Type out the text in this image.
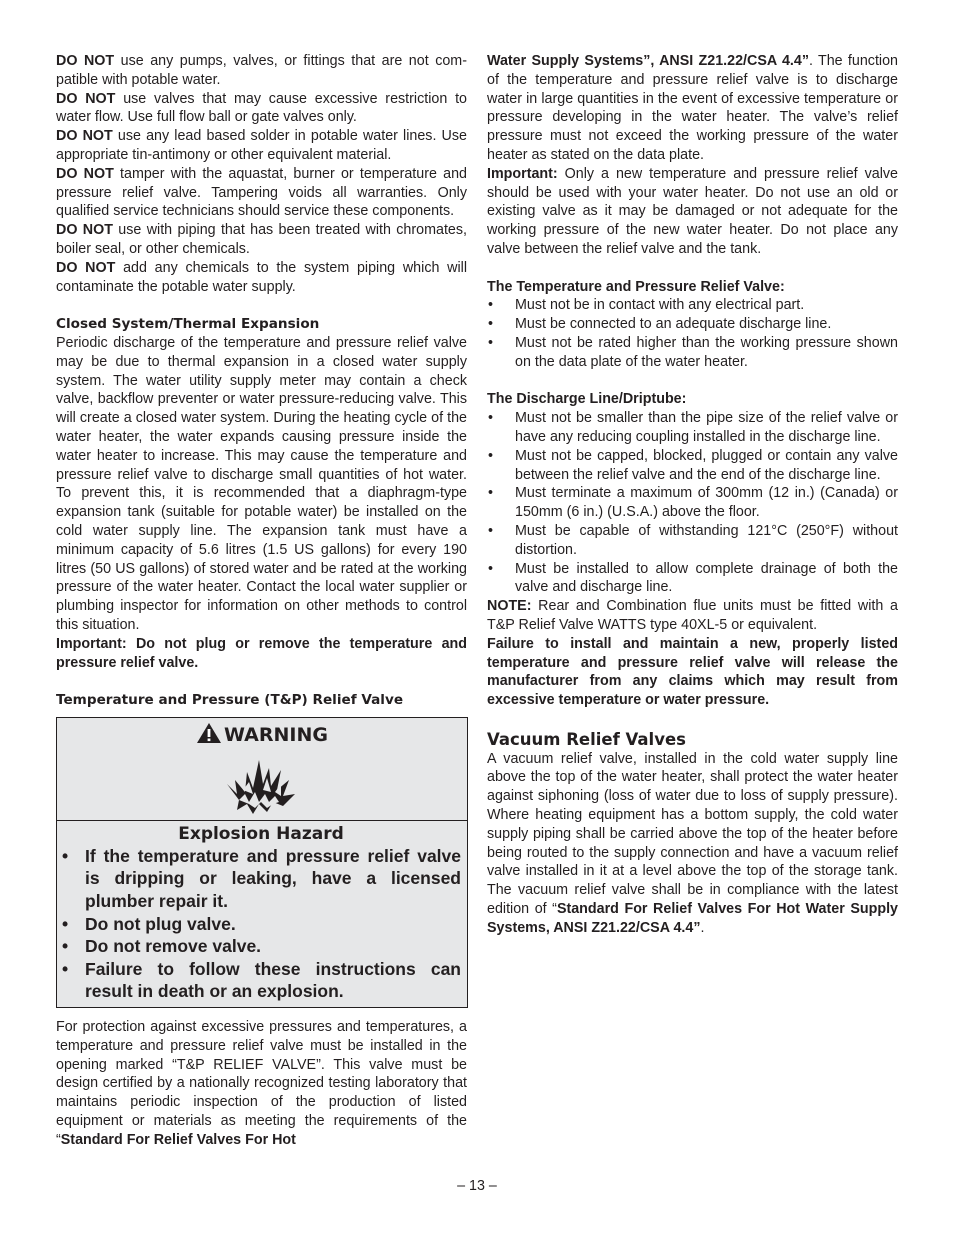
DO NOT use any pumps, valves, or fittings that are not compatible with potable water.

DO NOT use valves that may cause excessive restriction to water flow. Use full flow ball or gate valves only.

DO NOT use any lead based solder in potable water lines. Use appropriate tin-antimony or other equivalent material.

DO NOT tamper with the aquastat, burner or temperature and pressure relief valve. Tampering voids all warranties. Only qualified service technicians should service these components.

DO NOT use with piping that has been treated with chromates, boiler seal, or other chemicals.

DO NOT add any chemicals to the system piping which will contaminate the potable water supply.

Closed System/Thermal Expansion

Periodic discharge of the temperature and pressure relief valve may be due to thermal expansion in a closed water supply system. The water utility supply meter may contain a check valve, backflow preventer or water pressure-reducing valve. This will create a closed water system. During the heating cycle of the water heater, the water expands causing pressure inside the water heater to increase. This may cause the temperature and pressure relief valve to discharge small quantities of hot water. To prevent this, it is recommended that a diaphragm-type expansion tank (suitable for potable water) be installed on the cold water supply line. The expansion tank must have a minimum capacity of 5.6 litres (1.5 US gallons) for every 190 litres (50 US gallons) of stored water and be rated at the working pressure of the water heater. Contact the local water supplier or plumbing inspector for information on other methods to control this situation.

Important: Do not plug or remove the temperature and pressure relief valve.

Temperature and Pressure (T&P) Relief Valve

WARNING

Explosion Hazard

• If the temperature and pressure relief valve is dripping or leaking, have a licensed plumber repair it.
• Do not plug valve.
• Do not remove valve.
• Failure to follow these instructions can result in death or an explosion.

For protection against excessive pressures and temperatures, a temperature and pressure relief valve must be installed in the opening marked “T&P RELIEF VALVE”. This valve must be design certified by a nationally recognized testing laboratory that maintains periodic inspection of the production of listed equipment or materials as meeting the requirements of the “Standard For Relief Valves For Hot

Water Supply Systems”, ANSI Z21.22/CSA 4.4”. The function of the temperature and pressure relief valve is to discharge water in large quantities in the event of excessive temperature or pressure developing in the water heater. The valve’s relief pressure must not exceed the working pressure of the water heater as stated on the data plate.

Important: Only a new temperature and pressure relief valve should be used with your water heater. Do not use an old or existing valve as it may be damaged or not adequate for the working pressure of the new water heater. Do not place any valve between the relief valve and the tank.

The Temperature and Pressure Relief Valve:

• Must not be in contact with any electrical part.
• Must be connected to an adequate discharge line.
• Must not be rated higher than the working pressure shown on the data plate of the water heater.

The Discharge Line/Driptube:

• Must not be smaller than the pipe size of the relief valve or have any reducing coupling installed in the discharge line.
• Must not be capped, blocked, plugged or contain any valve between the relief valve and the end of the discharge line.
• Must terminate a maximum of 300mm (12 in.) (Canada) or 150mm (6 in.) (U.S.A.) above the floor.
• Must be capable of withstanding 121°C (250°F) without distortion.
• Must be installed to allow complete drainage of both the valve and discharge line.

NOTE: Rear and Combination flue units must be fitted with a T&P Relief Valve WATTS type 40XL-5 or equivalent.

Failure to install and maintain a new, properly listed temperature and pressure relief valve will release the manufacturer from any claims which may result from excessive temperature or water pressure.

Vacuum Relief Valves

A vacuum relief valve, installed in the cold water supply line above the top of the water heater, shall protect the water heater against siphoning (loss of water due to loss of supply pressure). Where heating equipment has a bottom supply, the cold water supply piping shall be carried above the top of the heater before being routed to the supply connection and have a vacuum relief valve installed in it at a level above the top of the storage tank. The vacuum relief valve shall be in compliance with the latest edition of “Standard For Relief Valves For Hot Water Supply Systems, ANSI Z21.22/CSA 4.4”.

– 13 –
